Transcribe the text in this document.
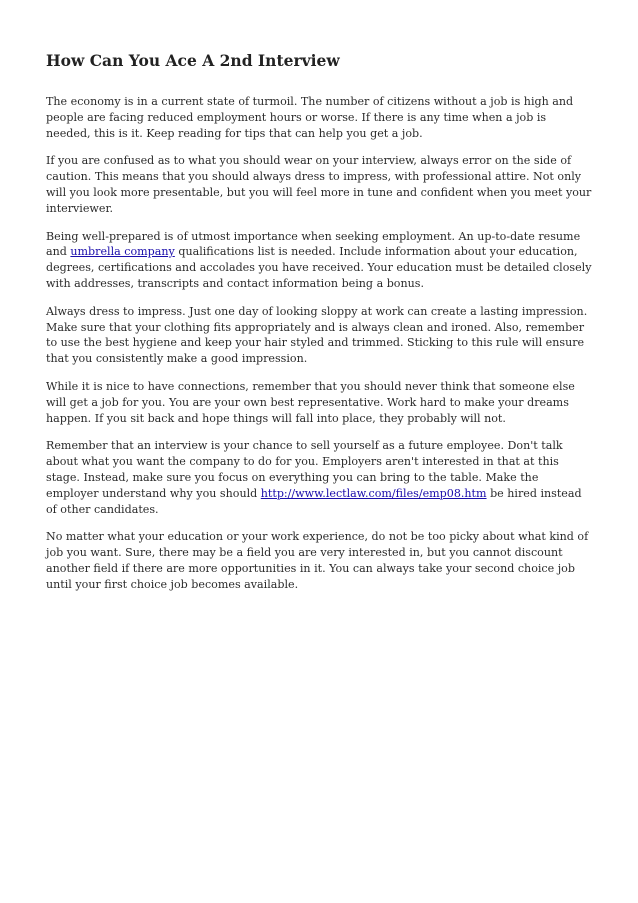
How Can You Ace A 2nd Interview

The economy is in a current state of turmoil. The number of citizens without a job is high and people are facing reduced employment hours or worse. If there is any time when a job is needed, this is it. Keep reading for tips that can help you get a job.

If you are confused as to what you should wear on your interview, always error on the side of caution. This means that you should always dress to impress, with professional attire. Not only will you look more presentable, but you will feel more in tune and confident when you meet your interviewer.

Being well-prepared is of utmost importance when seeking employment. An up-to-date resume and umbrella company qualifications list is needed. Include information about your education, degrees, certifications and accolades you have received. Your education must be detailed closely with addresses, transcripts and contact information being a bonus.

Always dress to impress. Just one day of looking sloppy at work can create a lasting impression. Make sure that your clothing fits appropriately and is always clean and ironed. Also, remember to use the best hygiene and keep your hair styled and trimmed. Sticking to this rule will ensure that you consistently make a good impression.

While it is nice to have connections, remember that you should never think that someone else will get a job for you. You are your own best representative. Work hard to make your dreams happen. If you sit back and hope things will fall into place, they probably will not.

Remember that an interview is your chance to sell yourself as a future employee. Don't talk about what you want the company to do for you. Employers aren't interested in that at this stage. Instead, make sure you focus on everything you can bring to the table. Make the employer understand why you should http://www.lectlaw.com/files/emp08.htm be hired instead of other candidates.

No matter what your education or your work experience, do not be too picky about what kind of job you want. Sure, there may be a field you are very interested in, but you cannot discount another field if there are more opportunities in it. You can always take your second choice job until your first choice job becomes available.
